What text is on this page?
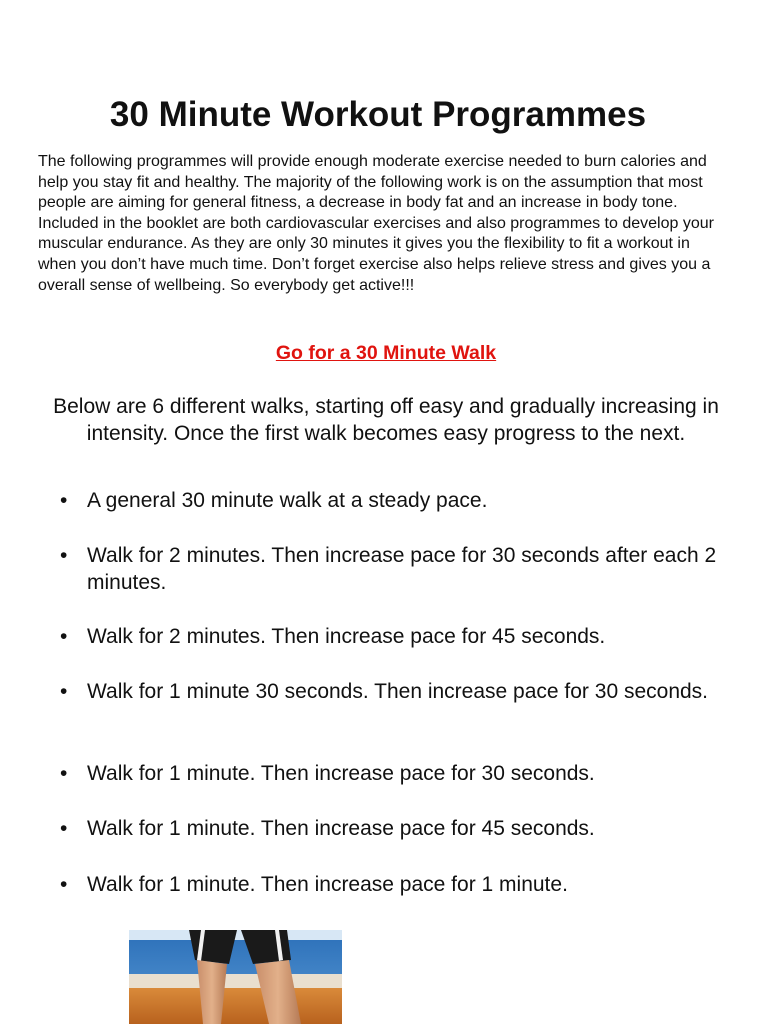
30 Minute Workout Programmes

The following programmes will provide enough moderate exercise needed to burn calories and help you stay fit and healthy. The majority of the following work is on the assumption that most people are aiming for general fitness, a decrease in body fat and an increase in body tone. Included in the booklet are both cardiovascular exercises and also programmes to develop your muscular endurance. As they are only 30 minutes it gives you the flexibility to fit a workout in when you don’t have much time. Don’t forget exercise also helps relieve stress and gives you a overall sense of wellbeing. So everybody get active!!!

Go for a 30 Minute Walk

Below are 6 different walks, starting off easy and gradually increasing in intensity. Once the first walk becomes easy progress to the next.

• A general 30 minute walk at a steady pace.
• Walk for 2 minutes. Then increase pace for 30 seconds after each 2 minutes.
• Walk for 2 minutes. Then increase pace for 45 seconds.
• Walk for 1 minute 30 seconds. Then increase pace for 30 seconds.
• Walk for 1 minute. Then increase pace for 30 seconds.
• Walk for 1 minute. Then increase pace for 45 seconds.
• Walk for 1 minute. Then increase pace for 1 minute.
